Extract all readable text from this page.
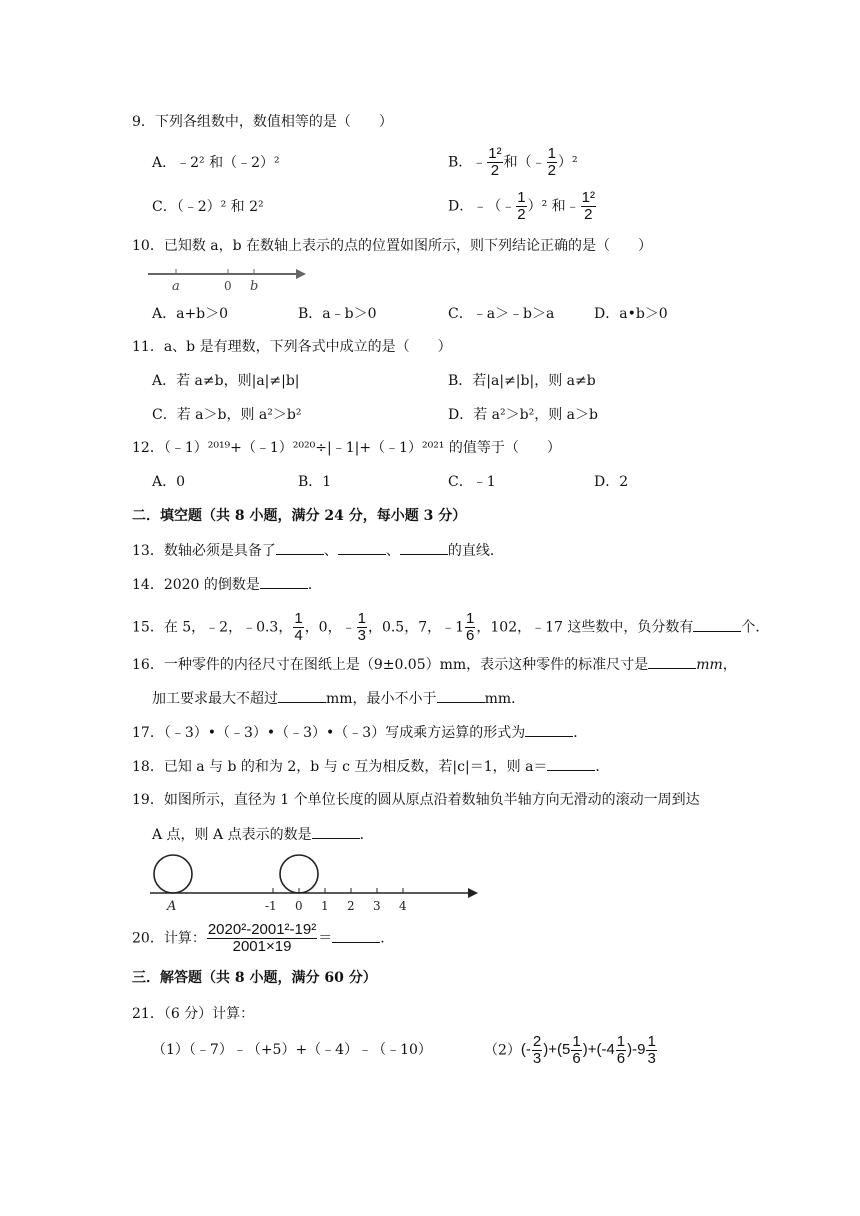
9．下列各组数中，数值相等的是（　　）
A．﹣2² 和（﹣2）²	B．﹣ $\frac{\text{1²}}{2}$ 和（﹣ $\frac{1}{2} )^2$
C．（﹣2）² 和 2²	D．﹣（﹣ $\frac{1}{2} )^2$ 和﹣ $\frac{\text{1²}}{2}$
10．已知数 a，b 在数轴上表示的点的位置如图所示，则下列结论正确的是（　　）
a	0 b
A．a+b＞0	B．a﹣b＞0	C．﹣a＞﹣b＞a	D．a•b＞0
11．a、b 是有理数，下列各式中成立的是（　　）
A．若 a≠b，则|a|≠|b|	B．若|a|≠|b|，则 a≠b
C．若 a＞b，则 a²＞b²	D．若 a²＞b²，则 a＞b
12．（﹣1）²⁰¹⁹+（﹣1）²⁰²⁰÷|﹣1|+（﹣1）²⁰²¹ 的值等于（　　）
A．0	B．1	C．﹣1	D．2
二．填空题（共 8 小题，满分 24 分，每小题 3 分）
13．数轴必须是具备了	、	、	的直线．
14．2020 的倒数是	．
15．在 5，﹣2，﹣0.3， $\frac{1}{4}$ ，0，﹣ $\frac{1}{3}$ ，0.5，7，﹣1 $\frac{1}{6}$ ，102，﹣17 这些数中，负分数有	个．
16．一种零件的内径尺寸在图纸上是（9±0.05）mm，表示这种零件的标准尺寸是	mm，
加工要求最大不超过	mm，最小不小于	mm．
17．（﹣3）•（﹣3）•（﹣3）•（﹣3）写成乘方运算的形式为	．
18．已知 a 与 b 的和为 2，b 与 c 互为相反数，若|c|＝1，则 a＝	．
19．如图所示，直径为 1 个单位长度的圆从原点沿着数轴负半轴方向无滑动的滚动一周到达
A 点，则 A 点表示的数是	．
A	-1 0 1 2 3 4
20．计算： $\frac{\text{2020²-2001²-19²}}{2001\times 19}$ ＝	．
三．解答题（共 8 小题，满分 60 分）
21．（6 分）计算：
（1）（﹣7）﹣（+5）+（﹣4）﹣（﹣10）	$(2)(- \frac{2}{3} )+(5 \frac{1}{6} )+(-4 \frac{1}{6} )-9 \frac{1}{3}$
